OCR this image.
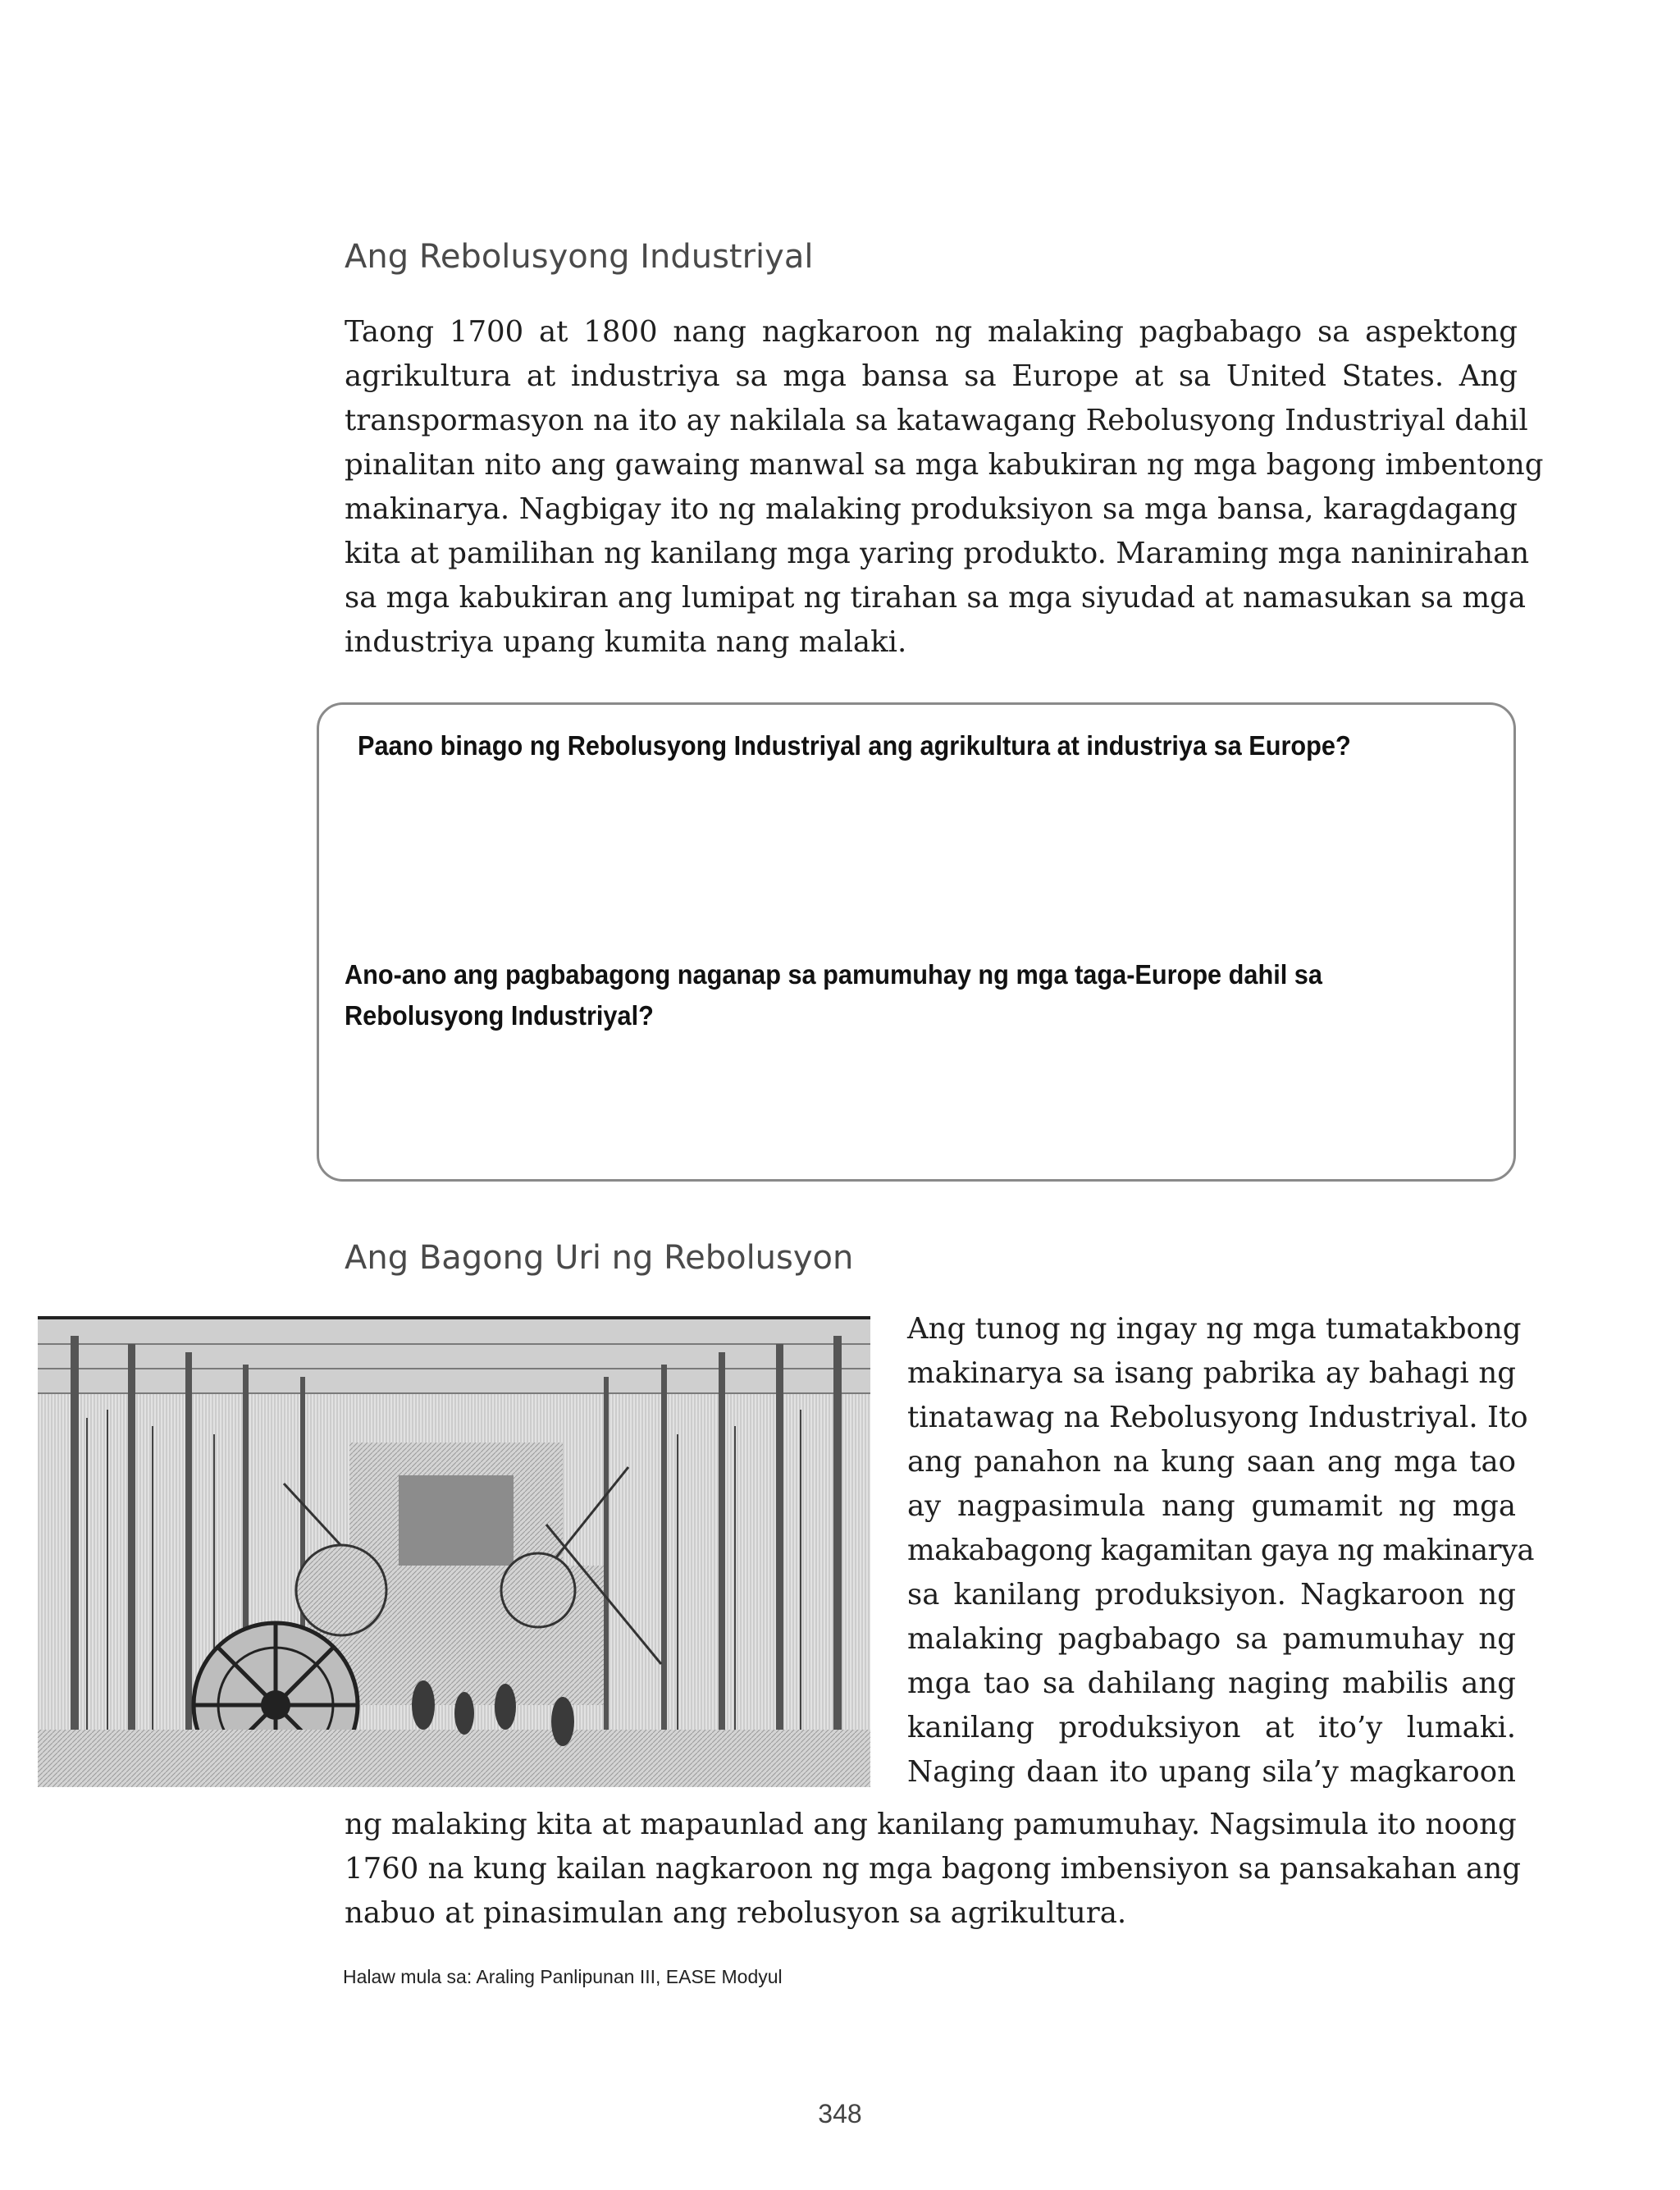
Ang Rebolusyong Industriyal
Taong 1700 at 1800 nang nagkaroon ng malaking pagbabago sa aspektong
agrikultura at industriya sa mga bansa sa Europe at sa United States. Ang
transpormasyon na ito ay nakilala sa katawagang Rebolusyong Industriyal dahil
pinalitan nito ang gawaing manwal sa mga kabukiran ng mga bagong imbentong
makinarya. Nagbigay ito ng malaking produksiyon sa mga bansa, karagdagang
kita at pamilihan ng kanilang mga yaring produkto. Maraming mga naninirahan
sa mga kabukiran ang lumipat ng tirahan sa mga siyudad at namasukan sa mga
industriya upang kumita nang malaki.

Paano binago ng Rebolusyong Industriyal ang agrikultura at industriya sa Europe?

Ano-ano ang pagbabagong naganap sa pamumuhay ng mga taga-Europe dahil sa
Rebolusyong Industriyal?
Ang Bagong Uri ng Rebolusyon
Ang tunog ng ingay ng mga tumatakbong
makinarya sa isang pabrika ay bahagi ng
tinatawag na Rebolusyong Industriyal. Ito
ang panahon na kung saan ang mga tao
ay nagpasimula nang gumamit ng mga
makabagong kagamitan gaya ng makinarya
sa kanilang produksiyon. Nagkaroon ng
malaking pagbabago sa pamumuhay ng
mga tao sa dahilang naging mabilis ang
kanilang produksiyon at ito’y lumaki.
Naging daan ito upang sila’y magkaroon
ng malaking kita at mapaunlad ang kanilang pamumuhay. Nagsimula ito noong
1760 na kung kailan nagkaroon ng mga bagong imbensiyon sa pansakahan ang
nabuo at pinasimulan ang rebolusyon sa agrikultura.
Halaw mula sa: Araling Panlipunan III, EASE Modyul
348
